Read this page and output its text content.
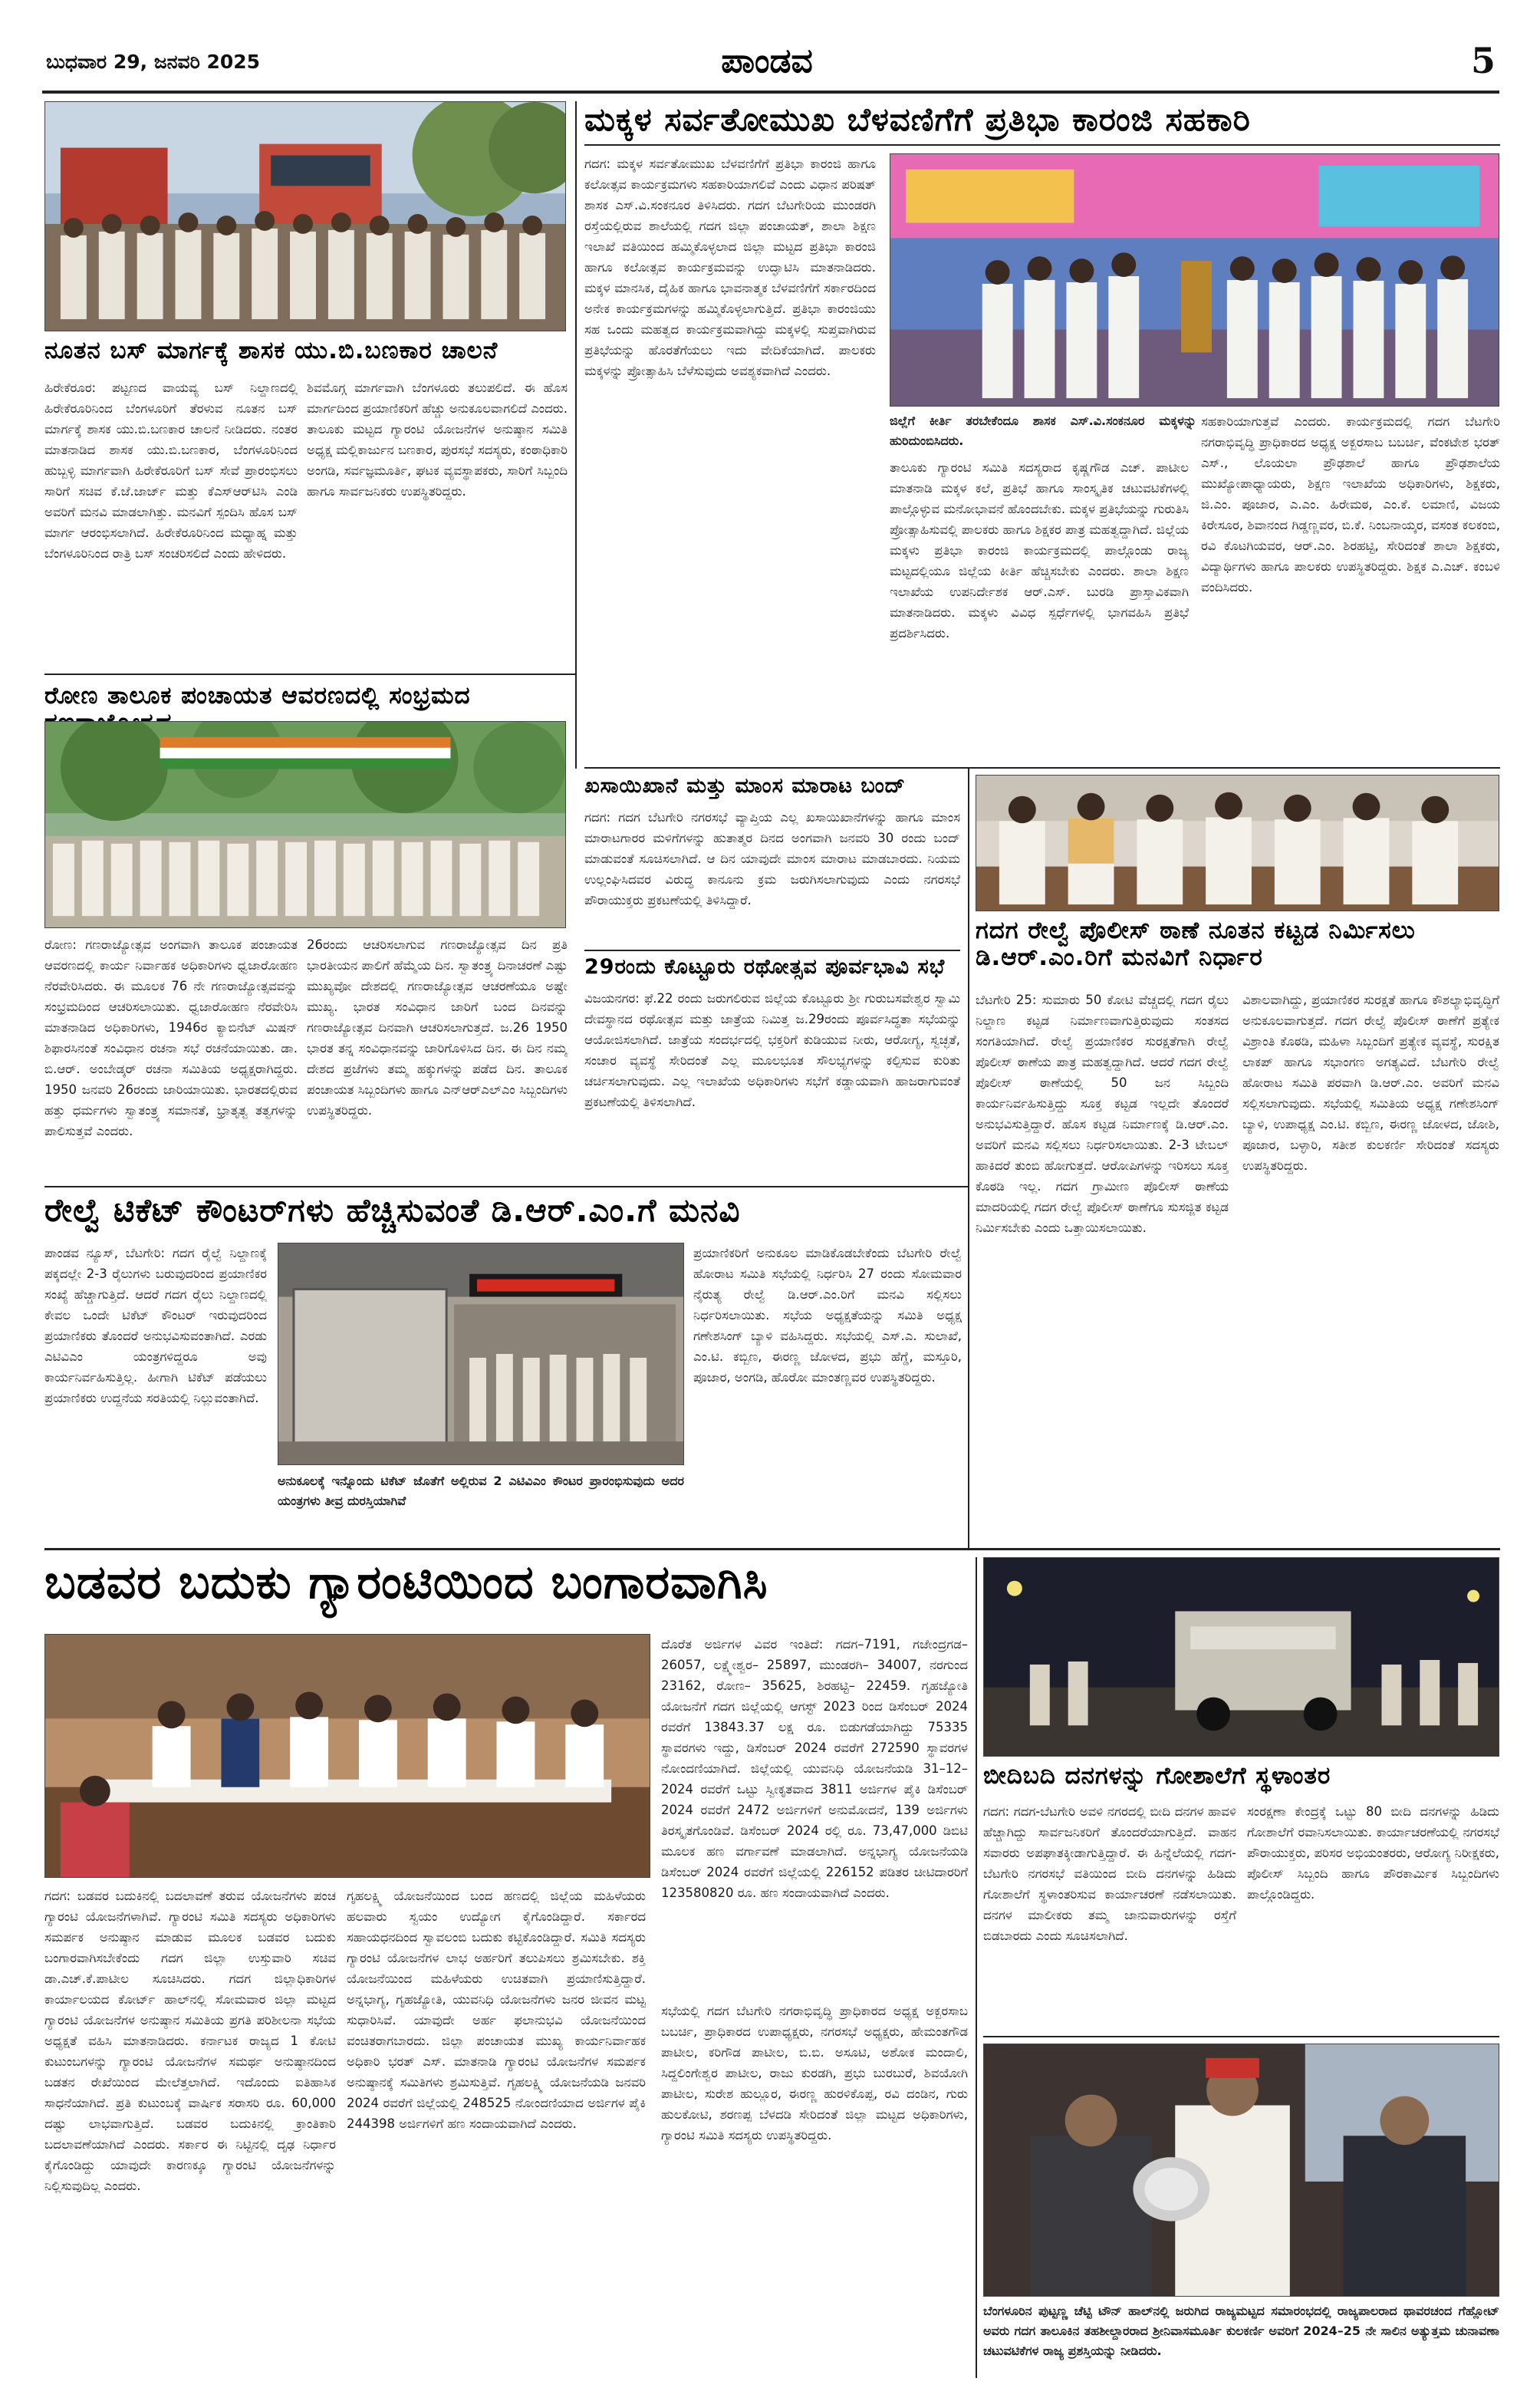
ಬುಧವಾರ 29, ಜನವರಿ 2025	ಪಾಂಡವ	5
ನೂತನ ಬಸ್ ಮಾರ್ಗಕ್ಕೆ ಶಾಸಕ ಯು.ಬಿ.ಬಣಕಾರ ಚಾಲನೆ
ಹಿರೇಕೆರೂರ: ಪಟ್ಟಣದ ವಾಯವ್ಯ ಬಸ್ ನಿಲ್ದಾಣದಲ್ಲಿ ಹಿರೇಕೆರೂರಿನಿಂದ ಬೆಂಗಳೂರಿಗೆ ತೆರಳುವ ನೂತನ ಬಸ್ ಮಾರ್ಗಕ್ಕೆ ಶಾಸಕ ಯು.ಬಿ.ಬಣಕಾರ ಚಾಲನೆ ನೀಡಿದರು. ನಂತರ ಮಾತನಾಡಿದ ಶಾಸಕ ಯು.ಬಿ.ಬಣಕಾರ, ಬೆಂಗಳೂರಿನಿಂದ ಹುಬ್ಬಳ್ಳಿ ಮಾರ್ಗವಾಗಿ ಹಿರೇಕೆರೂರಿಗೆ ಬಸ್ ಸೇವೆ ಪ್ರಾರಂಭಿಸಲು ಸಾರಿಗೆ ಸಚಿವ ಕೆ.ಜೆ.ಜಾರ್ಜ್ ಮತ್ತು ಕೆಎಸ್ಆರ್‌ಟಿಸಿ ಎಂಡಿ ಅವರಿಗೆ ಮನವಿ ಮಾಡಲಾಗಿತ್ತು. ಮನವಿಗೆ ಸ್ಪಂದಿಸಿ ಹೊಸ ಬಸ್ ಮಾರ್ಗ ಆರಂಭಿಸಲಾಗಿದೆ. ಹಿರೇಕೆರೂರಿನಿಂದ ಮಧ್ಯಾಹ್ನ ಮತ್ತು ಬೆಂಗಳೂರಿನಿಂದ ರಾತ್ರಿ ಬಸ್ ಸಂಚರಿಸಲಿದೆ ಎಂದು ಹೇಳಿದರು.
ಶಿವಮೊಗ್ಗ ಮಾರ್ಗವಾಗಿ ಬೆಂಗಳೂರು ತಲುಪಲಿದೆ. ಈ ಹೊಸ ಮಾರ್ಗದಿಂದ ಪ್ರಯಾಣಿಕರಿಗೆ ಹೆಚ್ಚು ಅನುಕೂಲವಾಗಲಿದೆ ಎಂದರು. ತಾಲೂಕು ಮಟ್ಟದ ಗ್ಯಾರಂಟಿ ಯೋಜನೆಗಳ ಅನುಷ್ಠಾನ ಸಮಿತಿ ಅಧ್ಯಕ್ಷ ಮಲ್ಲಿಕಾರ್ಜುನ ಬಣಕಾರ, ಪುರಸಭೆ ಸದಸ್ಯರು, ಕಂಠಾಧಿಕಾರಿ ಅಂಗಡಿ, ಸರ್ವಜ್ಞಮೂರ್ತಿ, ಘಟಕ ವ್ಯವಸ್ಥಾಪಕರು, ಸಾರಿಗೆ ಸಿಬ್ಬಂದಿ ಹಾಗೂ ಸಾರ್ವಜನಿಕರು ಉಪಸ್ಥಿತರಿದ್ದರು.
ರೋಣ ತಾಲೂಕ ಪಂಚಾಯತ ಆವರಣದಲ್ಲಿ ಸಂಭ್ರಮದ
ರೋಣ: ಗಣರಾಜ್ಯೋತ್ಸವ ಅಂಗವಾಗಿ ತಾಲೂಕ ಪಂಚಾಯತ ಆವರಣದಲ್ಲಿ ಕಾರ್ಯ ನಿರ್ವಾಹಕ ಅಧಿಕಾರಿಗಳು ಧ್ವಜಾರೋಹಣ ನೆರವೇರಿಸಿದರು. ಈ ಮೂಲಕ 76 ನೇ ಗಣರಾಜ್ಯೋತ್ಸವವನ್ನು ಸಂಭ್ರಮದಿಂದ ಆಚರಿಸಲಾಯಿತು. ಧ್ವಜಾರೋಹಣ ನೆರವೇರಿಸಿ ಮಾತನಾಡಿದ ಅಧಿಕಾರಿಗಳು, 1946ರ ಕ್ಯಾಬಿನೆಟ್ ಮಿಷನ್ ಶಿಫಾರಸಿನಂತೆ ಸಂವಿಧಾನ ರಚನಾ ಸಭೆ ರಚನೆಯಾಯಿತು. ಡಾ. ಬಿ.ಆರ್. ಅಂಬೇಡ್ಕರ್ ರಚನಾ ಸಮಿತಿಯ ಅಧ್ಯಕ್ಷರಾಗಿದ್ದರು. 1950 ಜನವರಿ 26ರಂದು ಜಾರಿಯಾಯಿತು. ಭಾರತದಲ್ಲಿರುವ ಹತ್ತು ಧರ್ಮಗಳು ಸ್ವಾತಂತ್ರ್ಯ ಸಮಾನತೆ, ಭ್ರಾತೃತ್ವ ತತ್ವಗಳನ್ನು ಪಾಲಿಸುತ್ತವೆ ಎಂದರು.
26ರಂದು ಆಚರಿಸಲಾಗುವ ಗಣರಾಜ್ಯೋತ್ಸವ ದಿನ ಪ್ರತಿ ಭಾರತೀಯನ ಪಾಲಿಗೆ ಹೆಮ್ಮೆಯ ದಿನ. ಸ್ವಾತಂತ್ರ್ಯ ದಿನಾಚರಣೆ ಎಷ್ಟು ಮುಖ್ಯವೋ ದೇಶದಲ್ಲಿ ಗಣರಾಜ್ಯೋತ್ಸವ ಆಚರಣೆಯೂ ಅಷ್ಟೇ ಮುಖ್ಯ. ಭಾರತ ಸಂವಿಧಾನ ಜಾರಿಗೆ ಬಂದ ದಿನವನ್ನು ಗಣರಾಜ್ಯೋತ್ಸವ ದಿನವಾಗಿ ಆಚರಿಸಲಾಗುತ್ತದೆ. ಜ.26 1950 ಭಾರತ ತನ್ನ ಸಂವಿಧಾನವನ್ನು ಜಾರಿಗೊಳಿಸಿದ ದಿನ. ಈ ದಿನ ನಮ್ಮ ದೇಶದ ಪ್ರಜೆಗಳು ತಮ್ಮ ಹಕ್ಕುಗಳನ್ನು ಪಡೆದ ದಿನ. ತಾಲೂಕ ಪಂಚಾಯತ ಸಿಬ್ಬಂದಿಗಳು ಹಾಗೂ ಎನ್‌ಆರ್‌ಎಲ್‌ಎಂ ಸಿಬ್ಬಂದಿಗಳು ಉಪಸ್ಥಿತರಿದ್ದರು.
ಮಕ್ಕಳ ಸರ್ವತೋಮುಖ ಬೆಳವಣಿಗೆಗೆ ಪ್ರತಿಭಾ ಕಾರಂಜಿ ಸಹಕಾರಿ
ಗದಗ: ಮಕ್ಕಳ ಸರ್ವತೋಮುಖ ಬೆಳವಣಿಗೆಗೆ ಪ್ರತಿಭಾ ಕಾರಂಜಿ ಹಾಗೂ ಕಲೋತ್ಸವ ಕಾರ್ಯಕ್ರಮಗಳು ಸಹಕಾರಿಯಾಗಲಿವೆ ಎಂದು ವಿಧಾನ ಪರಿಷತ್ ಶಾಸಕ ಎಸ್.ವಿ.ಸಂಕನೂರ ತಿಳಿಸಿದರು. ಗದಗ ಬೆಟಗೇರಿಯ ಮುಂಡರಗಿ ರಸ್ತೆಯಲ್ಲಿರುವ ಶಾಲೆಯಲ್ಲಿ ಗದಗ ಜಿಲ್ಲಾ ಪಂಚಾಯತ್, ಶಾಲಾ ಶಿಕ್ಷಣ ಇಲಾಖೆ ವತಿಯಿಂದ ಹಮ್ಮಿಕೊಳ್ಳಲಾದ ಜಿಲ್ಲಾ ಮಟ್ಟದ ಪ್ರತಿಭಾ ಕಾರಂಜಿ ಹಾಗೂ ಕಲೋತ್ಸವ ಕಾರ್ಯಕ್ರಮವನ್ನು ಉದ್ಘಾಟಿಸಿ ಮಾತನಾಡಿದರು. ಮಕ್ಕಳ ಮಾನಸಿಕ, ದೈಹಿಕ ಹಾಗೂ ಭಾವನಾತ್ಮಕ ಬೆಳವಣಿಗೆಗೆ ಸರ್ಕಾರದಿಂದ ಅನೇಕ ಕಾರ್ಯಕ್ರಮಗಳನ್ನು ಹಮ್ಮಿಕೊಳ್ಳಲಾಗುತ್ತಿದೆ. ಪ್ರತಿಭಾ ಕಾರಂಜಿಯು ಸಹ ಒಂದು ಮಹತ್ವದ ಕಾರ್ಯಕ್ರಮವಾಗಿದ್ದು ಮಕ್ಕಳಲ್ಲಿ ಸುಪ್ತವಾಗಿರುವ ಪ್ರತಿಭೆಯನ್ನು ಹೊರತೆಗೆಯಲು ಇದು ವೇದಿಕೆಯಾಗಿದೆ. ಪಾಲಕರು ಮಕ್ಕಳನ್ನು ಪ್ರೋತ್ಸಾಹಿಸಿ ಬೆಳೆಸುವುದು ಅವಶ್ಯಕವಾಗಿದೆ ಎಂದರು.
ಜಿಲ್ಲೆಗೆ ಕೀರ್ತಿ ತರಬೇಕೆಂದೂ ಶಾಸಕ ಎಸ್.ವಿ.ಸಂಕನೂರ ಮಕ್ಕಳನ್ನು ಹುರಿದುಂಬಿಸಿದರು.
ತಾಲೂಕು ಗ್ಯಾರಂಟಿ ಸಮಿತಿ ಸದಸ್ಯರಾದ ಕೃಷ್ಣಗೌಡ ಎಚ್. ಪಾಟೀಲ ಮಾತನಾಡಿ ಮಕ್ಕಳ ಕಲೆ, ಪ್ರತಿಭೆ ಹಾಗೂ ಸಾಂಸ್ಕೃತಿಕ ಚಟುವಟಿಕೆಗಳಲ್ಲಿ ಪಾಲ್ಗೊಳ್ಳುವ ಮನೋಭಾವನೆ ಹೊಂದಬೇಕು. ಮಕ್ಕಳ ಪ್ರತಿಭೆಯನ್ನು ಗುರುತಿಸಿ ಪ್ರೋತ್ಸಾಹಿಸುವಲ್ಲಿ ಪಾಲಕರು ಹಾಗೂ ಶಿಕ್ಷಕರ ಪಾತ್ರ ಮಹತ್ವದ್ದಾಗಿದೆ. ಜಿಲ್ಲೆಯ ಮಕ್ಕಳು ಪ್ರತಿಭಾ ಕಾರಂಜಿ ಕಾರ್ಯಕ್ರಮದಲ್ಲಿ ಪಾಲ್ಗೊಂಡು ರಾಜ್ಯ ಮಟ್ಟದಲ್ಲಿಯೂ ಜಿಲ್ಲೆಯ ಕೀರ್ತಿ ಹೆಚ್ಚಿಸಬೇಕು ಎಂದರು. ಶಾಲಾ ಶಿಕ್ಷಣ ಇಲಾಖೆಯ ಉಪನಿರ್ದೇಶಕ ಆರ್.ಎಸ್. ಬುರಡಿ ಪ್ರಾಸ್ತಾವಿಕವಾಗಿ ಮಾತನಾಡಿದರು. ಮಕ್ಕಳು ವಿವಿಧ ಸ್ಪರ್ಧೆಗಳಲ್ಲಿ ಭಾಗವಹಿಸಿ ಪ್ರತಿಭೆ ಪ್ರದರ್ಶಿಸಿದರು.
ಸಹಕಾರಿಯಾಗುತ್ತವೆ ಎಂದರು. ಕಾರ್ಯಕ್ರಮದಲ್ಲಿ ಗದಗ ಬೆಟಗೇರಿ ನಗರಾಭಿವೃದ್ಧಿ ಪ್ರಾಧಿಕಾರದ ಅಧ್ಯಕ್ಷ ಅಕ್ಬರಸಾಬ ಬಬರ್ಚಿ, ವೆಂಕಟೇಶ ಭರತ್ ಎಸ್., ಲೊಯಲಾ ಪ್ರೌಢಶಾಲೆ ಹಾಗೂ ಪ್ರೌಢಶಾಲೆಯ ಮುಖ್ಯೋಪಾಧ್ಯಾಯರು, ಶಿಕ್ಷಣ ಇಲಾಖೆಯ ಅಧಿಕಾರಿಗಳು, ಶಿಕ್ಷಕರು, ಜಿ.ಎಂ. ಪೂಜಾರ, ಎ.ಎಂ. ಹಿರೇಮಠ, ಎಂ.ಕೆ. ಲಮಾಣಿ, ವಿಜಯ ಕಿರೇಸೂರ, ಶಿವಾನಂದ ಗಿಡ್ಡಣ್ಣವರ, ಬಿ.ಕೆ. ನಿಂಬನಾಯ್ಕರ, ವಸಂತ ಕಲಕಂಬಿ, ರವಿ ಕೊಟಗಿಯವರ, ಆರ್.ಎಂ. ಶಿರಹಟ್ಟಿ, ಸೇರಿದಂತೆ ಶಾಲಾ ಶಿಕ್ಷಕರು, ವಿದ್ಯಾರ್ಥಿಗಳು ಹಾಗೂ ಪಾಲಕರು ಉಪಸ್ಥಿತರಿದ್ದರು. ಶಿಕ್ಷಕ ಎ.ಎಚ್. ಕಂಬಳಿ ವಂದಿಸಿದರು.
ಖಸಾಯಿಖಾನೆ ಮತ್ತು ಮಾಂಸ ಮಾರಾಟ ಬಂದ್
ಗದಗ: ಗದಗ ಬೆಟಗೇರಿ ನಗರಸಭೆ ವ್ಯಾಪ್ತಿಯ ಎಲ್ಲ ಖಸಾಯಿಖಾನೆಗಳನ್ನು ಹಾಗೂ ಮಾಂಸ ಮಾರಾಟಗಾರರ ಮಳಿಗೆಗಳನ್ನು ಹುತಾತ್ಮರ ದಿನದ ಅಂಗವಾಗಿ ಜನವರಿ 30 ರಂದು ಬಂದ್ ಮಾಡುವಂತೆ ಸೂಚಿಸಲಾಗಿದೆ. ಆ ದಿನ ಯಾವುದೇ ಮಾಂಸ ಮಾರಾಟ ಮಾಡಬಾರದು. ನಿಯಮ ಉಲ್ಲಂಘಿಸಿದವರ ವಿರುದ್ಧ ಕಾನೂನು ಕ್ರಮ ಜರುಗಿಸಲಾಗುವುದು ಎಂದು ನಗರಸಭೆ ಪೌರಾಯುಕ್ತರು ಪ್ರಕಟಣೆಯಲ್ಲಿ ತಿಳಿಸಿದ್ದಾರೆ.
29ರಂದು ಕೊಟ್ಟೂರು ರಥೋತ್ಸವ ಪೂರ್ವಭಾವಿ ಸಭೆ
ವಿಜಯನಗರ: ಫೆ.22 ರಂದು ಜರುಗಲಿರುವ ಜಿಲ್ಲೆಯ ಕೊಟ್ಟೂರು ಶ್ರೀ ಗುರುಬಸವೇಶ್ವರ ಸ್ವಾಮಿ ದೇವಸ್ಥಾನದ ರಥೋತ್ಸವ ಮತ್ತು ಜಾತ್ರೆಯ ನಿಮಿತ್ತ ಜ.29ರಂದು ಪೂರ್ವಸಿದ್ಧತಾ ಸಭೆಯನ್ನು ಆಯೋಜಿಸಲಾಗಿದೆ. ಜಾತ್ರೆಯ ಸಂದರ್ಭದಲ್ಲಿ ಭಕ್ತರಿಗೆ ಕುಡಿಯುವ ನೀರು, ಆರೋಗ್ಯ, ಸ್ವಚ್ಛತೆ, ಸಂಚಾರ ವ್ಯವಸ್ಥೆ ಸೇರಿದಂತೆ ಎಲ್ಲ ಮೂಲಭೂತ ಸೌಲಭ್ಯಗಳನ್ನು ಕಲ್ಪಿಸುವ ಕುರಿತು ಚರ್ಚಿಸಲಾಗುವುದು. ಎಲ್ಲ ಇಲಾಖೆಯ ಅಧಿಕಾರಿಗಳು ಸಭೆಗೆ ಕಡ್ಡಾಯವಾಗಿ ಹಾಜರಾಗುವಂತೆ ಪ್ರಕಟಣೆಯಲ್ಲಿ ತಿಳಿಸಲಾಗಿದೆ.
ಗದಗ ರೇಲ್ವೆ ಪೊಲೀಸ್ ಠಾಣೆ ನೂತನ ಕಟ್ಟಡ ನಿರ್ಮಿಸಲು ಡಿ.ಆರ್.ಎಂ.ರಿಗೆ ಮನವಿಗೆ ನಿರ್ಧಾರ
ಬೆಟಗೇರಿ 25: ಸುಮಾರು 50 ಕೋಟಿ ವೆಚ್ಚದಲ್ಲಿ ಗದಗ ರೈಲು ನಿಲ್ದಾಣ ಕಟ್ಟಡ ನಿರ್ಮಾಣವಾಗುತ್ತಿರುವುದು ಸಂತಸದ ಸಂಗತಿಯಾಗಿದೆ. ರೇಲ್ವೆ ಪ್ರಯಾಣಿಕರ ಸುರಕ್ಷತೆಗಾಗಿ ರೇಲ್ವೆ ಪೊಲೀಸ್ ಠಾಣೆಯ ಪಾತ್ರ ಮಹತ್ವದ್ದಾಗಿದೆ. ಆದರೆ ಗದಗ ರೇಲ್ವೆ ಪೊಲೀಸ್ ಠಾಣೆಯಲ್ಲಿ 50 ಜನ ಸಿಬ್ಬಂದಿ ಕಾರ್ಯನಿರ್ವಹಿಸುತ್ತಿದ್ದು ಸೂಕ್ತ ಕಟ್ಟಡ ಇಲ್ಲದೇ ತೊಂದರೆ ಅನುಭವಿಸುತ್ತಿದ್ದಾರೆ. ಹೊಸ ಕಟ್ಟಡ ನಿರ್ಮಾಣಕ್ಕೆ ಡಿ.ಆರ್.ಎಂ. ಅವರಿಗೆ ಮನವಿ ಸಲ್ಲಿಸಲು ನಿರ್ಧರಿಸಲಾಯಿತು. 2-3 ಟೇಬಲ್ ಹಾಕಿದರೆ ತುಂಬಿ ಹೋಗುತ್ತದೆ. ಆರೋಪಿಗಳನ್ನು ಇರಿಸಲು ಸೂಕ್ತ ಕೊಠಡಿ ಇಲ್ಲ. ಗದಗ ಗ್ರಾಮೀಣ ಪೊಲೀಸ್ ಠಾಣೆಯ ಮಾದರಿಯಲ್ಲಿ ಗದಗ ರೇಲ್ವೆ ಪೊಲೀಸ್ ಠಾಣೆಗೂ ಸುಸಜ್ಜಿತ ಕಟ್ಟಡ ನಿರ್ಮಿಸಬೇಕು ಎಂದು ಒತ್ತಾಯಿಸಲಾಯಿತು.
ವಿಶಾಲವಾಗಿದ್ದು, ಪ್ರಯಾಣಿಕರ ಸುರಕ್ಷತೆ ಹಾಗೂ ಕೌಶಲ್ಯಾಭಿವೃದ್ಧಿಗೆ ಅನುಕೂಲವಾಗುತ್ತದೆ. ಗದಗ ರೇಲ್ವೆ ಪೊಲೀಸ್ ಠಾಣೆಗೆ ಪ್ರತ್ಯೇಕ ವಿಶ್ರಾಂತಿ ಕೊಠಡಿ, ಮಹಿಳಾ ಸಿಬ್ಬಂದಿಗೆ ಪ್ರತ್ಯೇಕ ವ್ಯವಸ್ಥೆ, ಸುರಕ್ಷಿತ ಲಾಕಪ್ ಹಾಗೂ ಸಭಾಂಗಣ ಅಗತ್ಯವಿದೆ. ಬೆಟಗೇರಿ ರೇಲ್ವೆ ಹೋರಾಟ ಸಮಿತಿ ಪರವಾಗಿ ಡಿ.ಆರ್.ಎಂ. ಅವರಿಗೆ ಮನವಿ ಸಲ್ಲಿಸಲಾಗುವುದು. ಸಭೆಯಲ್ಲಿ ಸಮಿತಿಯ ಅಧ್ಯಕ್ಷ ಗಣೇಶಸಿಂಗ್ ಬ್ಯಾಳಿ, ಉಪಾಧ್ಯಕ್ಷ ಎಂ.ಟಿ. ಕಬ್ಬಿಣ, ಈರಣ್ಣ ಜೋಳದ, ಜೋಶಿ, ಪೂಜಾರ, ಬಳ್ಳಾರಿ, ಸತೀಶ ಕುಲಕರ್ಣಿ ಸೇರಿದಂತೆ ಸದಸ್ಯರು ಉಪಸ್ಥಿತರಿದ್ದರು.
ರೇಲ್ವೆ ಟಿಕೆಟ್ ಕೌಂಟರ್‌ಗಳು ಹೆಚ್ಚಿಸುವಂತೆ ಡಿ.ಆರ್.ಎಂ.ಗೆ ಮನವಿ
ಪಾಂಡವ ನ್ಯೂಸ್, ಬೆಟಗೇರಿ: ಗದಗ ರೈಲ್ವೆ ನಿಲ್ದಾಣಕ್ಕೆ ಪಕ್ಕದಲ್ಲೇ 2-3 ರೈಲುಗಳು ಬರುವುದರಿಂದ ಪ್ರಯಾಣಿಕರ ಸಂಖ್ಯೆ ಹೆಚ್ಚಾಗುತ್ತಿದೆ. ಆದರೆ ಗದಗ ರೈಲು ನಿಲ್ದಾಣದಲ್ಲಿ ಕೇವಲ ಒಂದೇ ಟಿಕೆಟ್ ಕೌಂಟರ್ ಇರುವುದರಿಂದ ಪ್ರಯಾಣಿಕರು ತೊಂದರೆ ಅನುಭವಿಸುವಂತಾಗಿದೆ. ಎರಡು ಎಟಿವಿಎಂ ಯಂತ್ರಗಳಿದ್ದರೂ ಅವು ಕಾರ್ಯನಿರ್ವಹಿಸುತ್ತಿಲ್ಲ. ಹೀಗಾಗಿ ಟಿಕೆಟ್ ಪಡೆಯಲು ಪ್ರಯಾಣಿಕರು ಉದ್ದನೆಯ ಸರತಿಯಲ್ಲಿ ನಿಲ್ಲುವಂತಾಗಿದೆ.
ಅನುಕೂಲಕ್ಕೆ ಇನ್ನೊಂದು ಟಿಕೆಟ್ ಜೊತೆಗೆ ಅಲ್ಲಿರುವ 2 ಎಟಿವಿಎಂ ಕೌಂಟರ ಪ್ರಾರಂಭಿಸುವುದು ಅದರ ಯಂತ್ರಗಳು ತೀವ್ರ ದುರಸ್ತಿಯಾಗಿವೆ
ಪ್ರಯಾಣಿಕರಿಗೆ ಅನುಕೂಲ ಮಾಡಿಕೊಡಬೇಕೆಂದು ಬೆಟಗೇರಿ ರೇಲ್ವೆ ಹೋರಾಟ ಸಮಿತಿ ಸಭೆಯಲ್ಲಿ ನಿರ್ಧರಿಸಿ 27 ರಂದು ಸೋಮವಾರ ನೈರುತ್ಯ ರೇಲ್ವೆ ಡಿ.ಆರ್.ಎಂ.ರಿಗೆ ಮನವಿ ಸಲ್ಲಿಸಲು ನಿರ್ಧರಿಸಲಾಯಿತು. ಸಭೆಯ ಅಧ್ಯಕ್ಷತೆಯನ್ನು ಸಮಿತಿ ಅಧ್ಯಕ್ಷ ಗಣೇಶಸಿಂಗ್ ಬ್ಯಾಳಿ ವಹಿಸಿದ್ದರು. ಸಭೆಯಲ್ಲಿ ಎಸ್.ಎ. ಸುಲಾಖೆ, ಎಂ.ಟಿ. ಕಬ್ಬಿಣ, ಈರಣ್ಣ ಜೋಳದ, ಪ್ರಭು ಹೆಗ್ಡೆ, ಮಸ್ತೂರಿ, ಪೂಜಾರ, ಅಂಗಡಿ, ಹೊರೋ ಮಾಂತಣ್ಣವರ ಉಪಸ್ಥಿತರಿದ್ದರು.
ಬಡವರ ಬದುಕು ಗ್ಯಾರಂಟಿಯಿಂದ ಬಂಗಾರವಾಗಿಸಿ
ದೊರೆತ ಅರ್ಜಿಗಳ ವಿವರ ಇಂತಿದೆ: ಗದಗ–7191, ಗಜೇಂದ್ರಗಡ– 26057, ಲಕ್ಷ್ಮೇಶ್ವರ– 25897, ಮುಂಡರಗಿ– 34007, ನರಗುಂದ 23162, ರೋಣ– 35625, ಶಿರಹಟ್ಟಿ– 22459. ಗೃಹಜ್ಯೋತಿ ಯೋಜನೆಗೆ ಗದಗ ಜಿಲ್ಲೆಯಲ್ಲಿ ಆಗಸ್ಟ್ 2023 ರಿಂದ ಡಿಸೆಂಬರ್ 2024 ರವರೆಗೆ 13843.37 ಲಕ್ಷ ರೂ. ಬಿಡುಗಡೆಯಾಗಿದ್ದು 75335 ಸ್ಥಾವರಗಳು ಇದ್ದು, ಡಿಸೆಂಬರ್ 2024 ರವರೆಗೆ 272590 ಸ್ಥಾವರಗಳ ನೋಂದಣಿಯಾಗಿದೆ. ಜಿಲ್ಲೆಯಲ್ಲಿ ಯುವನಿಧಿ ಯೋಜನೆಯಡಿ 31–12–2024 ರವರೆಗೆ ಒಟ್ಟು ಸ್ವೀಕೃತವಾದ 3811 ಅರ್ಜಿಗಳ ಪೈಕಿ ಡಿಸೆಂಬರ್ 2024 ರವರೆಗೆ 2472 ಅರ್ಜಿಗಳಿಗೆ ಅನುಮೋದನೆ, 139 ಅರ್ಜಿಗಳು ತಿರಸ್ಕೃತಗೊಂಡಿವೆ. ಡಿಸೆಂಬರ್ 2024 ರಲ್ಲಿ ರೂ. 73,47,000 ಡಿಬಿಟಿ ಮೂಲಕ ಹಣ ವರ್ಗಾವಣೆ ಮಾಡಲಾಗಿದೆ. ಅನ್ನಭಾಗ್ಯ ಯೋಜನೆಯಡಿ ಡಿಸೆಂಬರ್ 2024 ರವರೆಗೆ ಜಿಲ್ಲೆಯಲ್ಲಿ 226152 ಪಡಿತರ ಚೀಟಿದಾರರಿಗೆ 123580820 ರೂ. ಹಣ ಸಂದಾಯವಾಗಿದೆ ಎಂದರು.
ಗದಗ: ಬಡವರ ಬದುಕಿನಲ್ಲಿ ಬದಲಾವಣೆ ತರುವ ಯೋಜನೆಗಳು ಪಂಚ ಗ್ಯಾರಂಟಿ ಯೋಜನೆಗಳಾಗಿವೆ. ಗ್ಯಾರಂಟಿ ಸಮಿತಿ ಸದಸ್ಯರು ಅಧಿಕಾರಿಗಳು ಸಮರ್ಪಕ ಅನುಷ್ಠಾನ ಮಾಡುವ ಮೂಲಕ ಬಡವರ ಬದುಕು ಬಂಗಾರವಾಗಿಸಬೇಕೆಂದು ಗದಗ ಜಿಲ್ಲಾ ಉಸ್ತುವಾರಿ ಸಚಿವ ಡಾ.ಎಚ್.ಕೆ.ಪಾಟೀಲ ಸೂಚಿಸಿದರು. ಗದಗ ಜಿಲ್ಲಾಧಿಕಾರಿಗಳ ಕಾರ್ಯಾಲಯದ ಕೋರ್ಟ್ ಹಾಲ್‌ನಲ್ಲಿ ಸೋಮವಾರ ಜಿಲ್ಲಾ ಮಟ್ಟದ ಗ್ಯಾರಂಟಿ ಯೋಜನೆಗಳ ಅನುಷ್ಠಾನ ಸಮಿತಿಯ ಪ್ರಗತಿ ಪರಿಶೀಲನಾ ಸಭೆಯ ಅಧ್ಯಕ್ಷತೆ ವಹಿಸಿ ಮಾತನಾಡಿದರು. ಕರ್ನಾಟಕ ರಾಜ್ಯದ 1 ಕೋಟಿ ಕುಟುಂಬಗಳನ್ನು ಗ್ಯಾರಂಟಿ ಯೋಜನೆಗಳ ಸಮರ್ಥ ಅನುಷ್ಠಾನದಿಂದ ಬಡತನ ರೇಖೆಯಿಂದ ಮೇಲೆತ್ತಲಾಗಿದೆ. ಇದೊಂದು ಐತಿಹಾಸಿಕ ಸಾಧನೆಯಾಗಿದೆ. ಪ್ರತಿ ಕುಟುಂಬಕ್ಕೆ ವಾರ್ಷಿಕ ಸರಾಸರಿ ರೂ. 60,000 ದಷ್ಟು ಲಾಭವಾಗುತ್ತಿದೆ. ಬಡವರ ಬದುಕಿನಲ್ಲಿ ಕ್ರಾಂತಿಕಾರಿ ಬದಲಾವಣೆಯಾಗಿದೆ ಎಂದರು. ಸರ್ಕಾರ ಈ ನಿಟ್ಟಿನಲ್ಲಿ ದೃಢ ನಿರ್ಧಾರ ಕೈಗೊಂಡಿದ್ದು ಯಾವುದೇ ಕಾರಣಕ್ಕೂ ಗ್ಯಾರಂಟಿ ಯೋಜನೆಗಳನ್ನು ನಿಲ್ಲಿಸುವುದಿಲ್ಲ ಎಂದರು.
ಗೃಹಲಕ್ಷ್ಮಿ ಯೋಜನೆಯಿಂದ ಬಂದ ಹಣದಲ್ಲಿ ಜಿಲ್ಲೆಯ ಮಹಿಳೆಯರು ಹಲವಾರು ಸ್ವಯಂ ಉದ್ಯೋಗ ಕೈಗೊಂಡಿದ್ದಾರೆ. ಸರ್ಕಾರದ ಸಹಾಯಧನದಿಂದ ಸ್ವಾವಲಂಬಿ ಬದುಕು ಕಟ್ಟಿಕೊಂಡಿದ್ದಾರೆ. ಸಮಿತಿ ಸದಸ್ಯರು ಗ್ಯಾರಂಟಿ ಯೋಜನೆಗಳ ಲಾಭ ಅರ್ಹರಿಗೆ ತಲುಪಿಸಲು ಶ್ರಮಿಸಬೇಕು. ಶಕ್ತಿ ಯೋಜನೆಯಿಂದ ಮಹಿಳೆಯರು ಉಚಿತವಾಗಿ ಪ್ರಯಾಣಿಸುತ್ತಿದ್ದಾರೆ. ಅನ್ನಭಾಗ್ಯ, ಗೃಹಜ್ಯೋತಿ, ಯುವನಿಧಿ ಯೋಜನೆಗಳು ಜನರ ಜೀವನ ಮಟ್ಟ ಸುಧಾರಿಸಿವೆ. ಯಾವುದೇ ಅರ್ಹ ಫಲಾನುಭವಿ ಯೋಜನೆಯಿಂದ ವಂಚಿತರಾಗಬಾರದು. ಜಿಲ್ಲಾ ಪಂಚಾಯತ ಮುಖ್ಯ ಕಾರ್ಯನಿರ್ವಾಹಕ ಅಧಿಕಾರಿ ಭರತ್ ಎಸ್. ಮಾತನಾಡಿ ಗ್ಯಾರಂಟಿ ಯೋಜನೆಗಳ ಸಮರ್ಪಕ ಅನುಷ್ಠಾನಕ್ಕೆ ಸಮಿತಿಗಳು ಶ್ರಮಿಸುತ್ತಿವೆ. ಗೃಹಲಕ್ಷ್ಮಿ ಯೋಜನೆಯಡಿ ಜನವರಿ 2024 ರವರೆಗೆ ಜಿಲ್ಲೆಯಲ್ಲಿ 248525 ನೋಂದಣಿಯಾದ ಅರ್ಜಿಗಳ ಪೈಕಿ 244398 ಅರ್ಜಿಗಳಿಗೆ ಹಣ ಸಂದಾಯವಾಗಿದೆ ಎಂದರು.
ಸಭೆಯಲ್ಲಿ ಗದಗ ಬೆಟಗೇರಿ ನಗರಾಭಿವೃದ್ಧಿ ಪ್ರಾಧಿಕಾರದ ಅಧ್ಯಕ್ಷ ಅಕ್ಬರಸಾಬ ಬಬರ್ಚಿ, ಪ್ರಾಧಿಕಾರದ ಉಪಾಧ್ಯಕ್ಷರು, ನಗರಸಭೆ ಅಧ್ಯಕ್ಷರು, ಹೇಮಂತಗೌಡ ಪಾಟೀಲ, ಕರಿಗೌಡ ಪಾಟೀಲ, ಬಿ.ಬಿ. ಅಸೂಟಿ, ಅಶೋಕ ಮಂದಾಲಿ, ಸಿದ್ದಲಿಂಗೇಶ್ವರ ಪಾಟೀಲ, ರಾಜು ಕುರಡಗಿ, ಪ್ರಭು ಬುರಬುರೆ, ಶಿವಯೋಗಿ ಪಾಟೀಲ, ಸುರೇಶ ಹುಲ್ಲೂರ, ಈರಣ್ಣ ಹುರಳಿಕೊಪ್ಪ, ರವಿ ದಂಡಿನ, ಗುರು ಹುಲಕೋಟಿ, ಶರಣಪ್ಪ ಬೆಳದಡಿ ಸೇರಿದಂತೆ ಜಿಲ್ಲಾ ಮಟ್ಟದ ಅಧಿಕಾರಿಗಳು, ಗ್ಯಾರಂಟಿ ಸಮಿತಿ ಸದಸ್ಯರು ಉಪಸ್ಥಿತರಿದ್ದರು.
ಬೀದಿಬದಿ ದನಗಳನ್ನು ಗೋಶಾಲೆಗೆ ಸ್ಥಳಾಂತರ
ಗದಗ: ಗದಗ-ಬೆಟಗೇರಿ ಅವಳಿ ನಗರದಲ್ಲಿ ಬೀದಿ ದನಗಳ ಹಾವಳಿ ಹೆಚ್ಚಾಗಿದ್ದು ಸಾರ್ವಜನಿಕರಿಗೆ ತೊಂದರೆಯಾಗುತ್ತಿದೆ. ವಾಹನ ಸವಾರರು ಅಪಘಾತಕ್ಕೀಡಾಗುತ್ತಿದ್ದಾರೆ. ಈ ಹಿನ್ನೆಲೆಯಲ್ಲಿ ಗದಗ-ಬೆಟಗೇರಿ ನಗರಸಭೆ ವತಿಯಿಂದ ಬೀದಿ ದನಗಳನ್ನು ಹಿಡಿದು ಗೋಶಾಲೆಗೆ ಸ್ಥಳಾಂತರಿಸುವ ಕಾರ್ಯಾಚರಣೆ ನಡೆಸಲಾಯಿತು. ದನಗಳ ಮಾಲೀಕರು ತಮ್ಮ ಜಾನುವಾರುಗಳನ್ನು ರಸ್ತೆಗೆ ಬಿಡಬಾರದು ಎಂದು ಸೂಚಿಸಲಾಗಿದೆ.
ಸಂರಕ್ಷಣಾ ಕೇಂದ್ರಕ್ಕೆ ಒಟ್ಟು 80 ಬೀದಿ ದನಗಳನ್ನು ಹಿಡಿದು ಗೋಶಾಲೆಗೆ ರವಾನಿಸಲಾಯಿತು. ಕಾರ್ಯಾಚರಣೆಯಲ್ಲಿ ನಗರಸಭೆ ಪೌರಾಯುಕ್ತರು, ಪರಿಸರ ಅಭಿಯಂತರರು, ಆರೋಗ್ಯ ನಿರೀಕ್ಷಕರು, ಪೊಲೀಸ್ ಸಿಬ್ಬಂದಿ ಹಾಗೂ ಪೌರಕಾರ್ಮಿಕ ಸಿಬ್ಬಂದಿಗಳು ಪಾಲ್ಗೊಂಡಿದ್ದರು.
ಬೆಂಗಳೂರಿನ ಪುಟ್ಟಣ್ಣ ಚೆಟ್ಟಿ ಟೌನ್ ಹಾಲ್‌ನಲ್ಲಿ ಜರುಗಿದ ರಾಜ್ಯಮಟ್ಟದ ಸಮಾರಂಭದಲ್ಲಿ ರಾಜ್ಯಪಾಲರಾದ ಥಾವರಚಂದ ಗೆಹ್ಲೋಟ್ ಅವರು ಗದಗ ತಾಲೂಕಿನ ತಹಶೀಲ್ದಾರರಾದ ಶ್ರೀನಿವಾಸಮೂರ್ತಿ ಕುಲಕರ್ಣಿ ಅವರಿಗೆ 2024–25 ನೇ ಸಾಲಿನ ಅತ್ಯುತ್ತಮ ಚುನಾವಣಾ ಚಟುವಟಿಕೆಗಳ ರಾಜ್ಯ ಪ್ರಶಸ್ತಿಯನ್ನು ನೀಡಿದರು.
